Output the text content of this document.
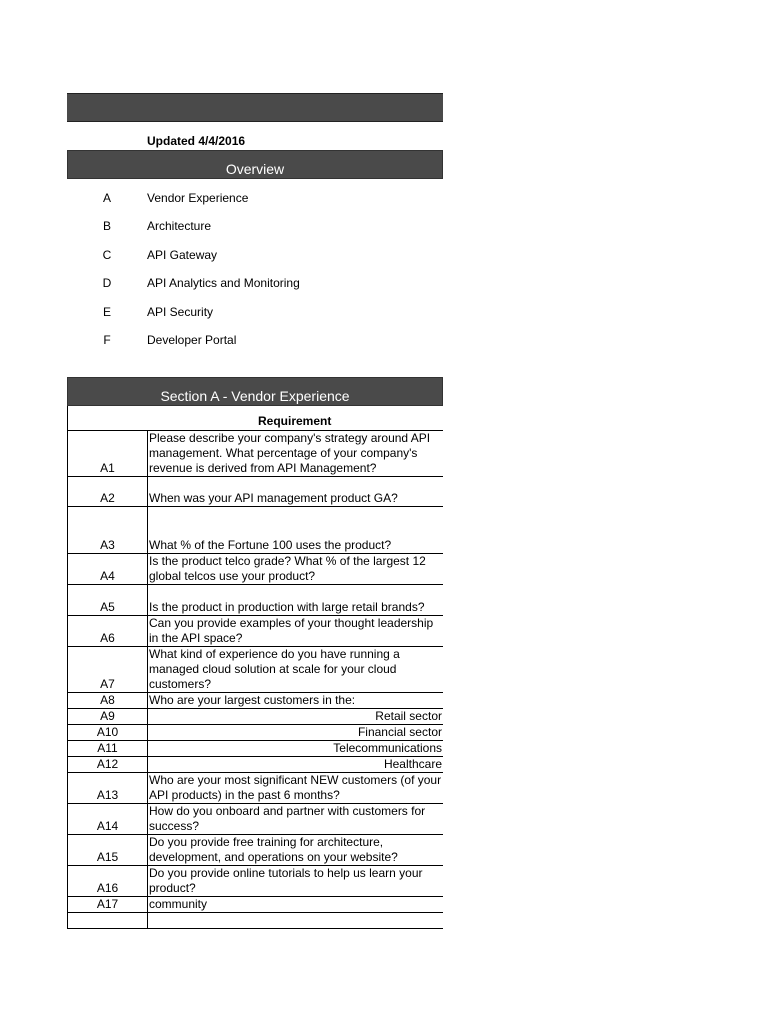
Updated 4/4/2016
Overview
A	Vendor Experience
B	Architecture
C	API Gateway
D	API Analytics and Monitoring
E	API Security
F	Developer Portal
Section A - Vendor Experience
Requirement
A1	Please describe your company's strategy around API management. What percentage of your company's revenue is derived from API Management?
A2	When was your API management product GA?
A3	What % of the Fortune 100 uses the product?
A4	Is the product telco grade? What % of the largest 12 global telcos use your product?
A5	Is the product in production with large retail brands?
A6	Can you provide examples of your thought leadership in the API space?
A7	What kind of experience do you have running a managed cloud solution at scale for your cloud customers?
A8	Who are your largest customers in the:
A9	Retail sector
A10	Financial sector
A11	Telecommunications
A12	Healthcare
A13	Who are your most significant NEW customers (of your API products) in the past 6 months?
A14	How do you onboard and partner with customers for success?
A15	Do you provide free training for architecture, development, and operations on your website?
A16	Do you provide online tutorials to help us learn your product?
A17	community
